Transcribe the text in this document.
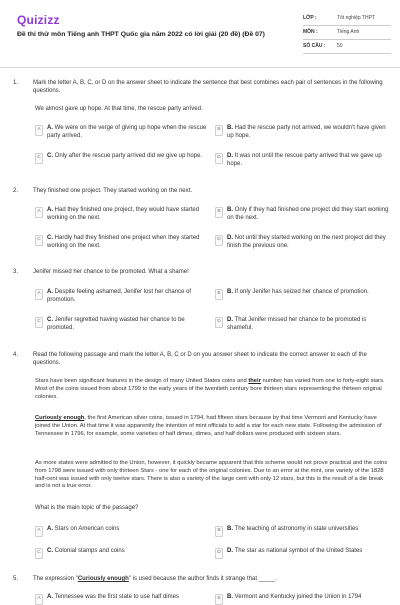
Quizizz
Đề thi thử môn Tiếng anh THPT Quốc gia năm 2022 có lời giải (20 đề) (Đề 07)
LỚP :	Tốt nghiệp THPT
MÔN :	Tiếng Anh
SỐ CÂU :	50
1. Mark the letter A, B, C, or D on the answer sheet to indicate the sentence that best combines each pair of sentences in the following questions.
We almost gave up hope. At that time, the rescue party arrived.
A	A. We were on the verge of giving up hope when the rescue party arrived.
B	B. Had the rescue party not arrived, we wouldn't have given up hope.
C	C. Only after the rescue party arrived did we give up hope.	D	D. It was not until the rescue party arrived that we gave up hope.
2. They finished one project. They started working on the next.
A	A. Had they finished one project, they would have started working on the next.
B	B. Only if they had finished one project did they start working on the next.
C	C. Hardly had they finished one project when they started working on the next.
D	D. Not until they started working on the next project did they finish the previous one.
3. Jenifer missed her chance to be promoted. What a shame!
A	A. Despite feeling ashamed, Jenifer lost her chance of promotion.
B	B. If only Jenifer has seized her chance of promotion.
C	C. Jenifer regretted having wasted her chance to be promoted.
D	D. That Jenifer missed her chance to be promoted is shameful.
4. Read the following passage and mark the letter A, B, C or D on you answer sheet to indicate the correct answer to each of the questions.
Stars have been significant features in the design of many United States coins and their number has varied from one to forty-eight stars. Most of the coins issued from about 1799 to the early years of the twentieth century bore thirteen stars representing the thirteen original colonies.
Curiously enough, the first American silver coins, issued in 1794, had fifteen stars because by that time Vermont and Kentucky have joined the Union. At that time it was apparently the intention of mint officials to add a star for each new state. Following the admission of Tennessee in 1796, for example, some varieties of half dimes, dimes, and half dollars were produced with sixteen stars.
As more states were admitted to the Union, however, it quickly became apparent that this scheme would not prove practical and the coins from 1798 were issued with only thirteen Stars - one for each of the original colonies. Due to an error at the mint, one variety of the 1828 half-cent was issued with only twelve stars. There is also a variety of the large cent with only 12 stars, but this is the result of a die break and is not a true error.
What is the main topic of the passage?
A	A. Stars on American coins	B	B. The teaching of astronomy in state universities
C	C. Colonial stamps and coins	D	D. The star as national symbol of the United States
5. The expression "Curiously enough" is used because the author finds it strange that _____.
A	A. Tennessee was the first state to use half dimes	B	B. Vermont and Kentucky joined the Union in 1794
